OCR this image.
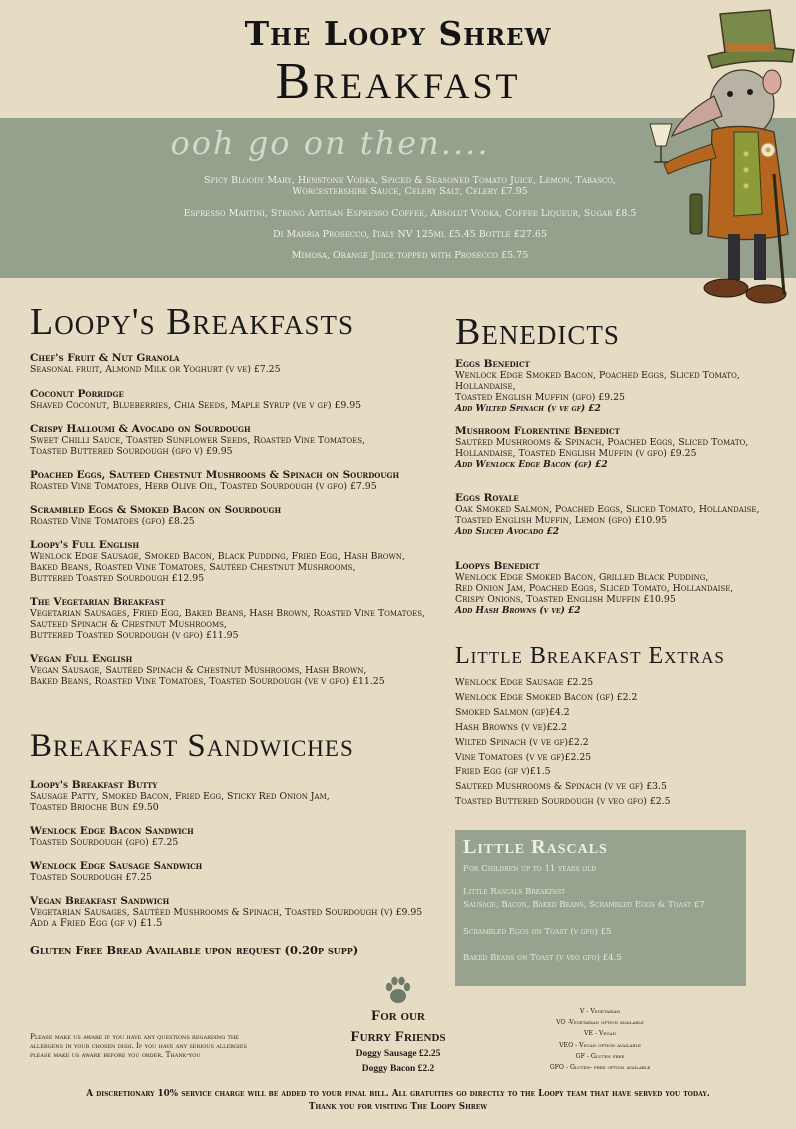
The Loopy Shrew
Breakfast
ooh go on then....
Spicy Bloody Mary, Henstone Vodka, Spiced & Seasoned Tomato Juice, Lemon, Tabasco,
Worcestershire Sauce, Celery Salt, Celery £7.95
Espresso Martini, Strong Artisan Espresso Coffee, Absolut Vodka, Coffee Liqueur, Sugar £8.5
Di Marria Prosecco, Italy NV 125ml £5.45 Bottle £27.65
Mimosa, Orange Juice topped with Prosecco £5.75
Loopy's Breakfasts
Chef's Fruit & Nut Granola
Seasonal fruit, Almond Milk or Yoghurt (v ve) £7.25
Coconut Porridge
Shaved Coconut, Blueberries, Chia Seeds, Maple Syrup (ve v gf) £9.95
Crispy Halloumi & Avocado on Sourdough
Sweet Chilli Sauce, Toasted Sunflower Seeds, Roasted Vine Tomatoes,
Toasted Buttered Sourdough (gfo v) £9.95
Poached Eggs, Sauteed Chestnut Mushrooms & Spinach on Sourdough
Roasted Vine Tomatoes, Herb Olive Oil, Toasted Sourdough (v gfo) £7.95
Scrambled Eggs & Smoked Bacon on Sourdough
Roasted Vine Tomatoes (gfo) £8.25
Loopy's Full English
Wenlock Edge Sausage, Smoked Bacon, Black Pudding, Fried Egg, Hash Brown,
Baked Beans, Roasted Vine Tomatoes, Sautéed Chestnut Mushrooms,
Buttered Toasted Sourdough £12.95
The Vegetarian Breakfast
Vegetarian Sausages, Fried Egg, Baked Beans, Hash Brown, Roasted Vine Tomatoes,
Sauteed Spinach & Chestnut Mushrooms,
Buttered Toasted Sourdough (v gfo) £11.95
Vegan Full English
Vegan Sausage, Sautéed Spinach & Chestnut Mushrooms, Hash Brown,
Baked Beans, Roasted Vine Tomatoes, Toasted Sourdough (ve v gfo) £11.25
Breakfast Sandwiches
Loopy's Breakfast Butty
Sausage Patty, Smoked Bacon, Fried Egg, Sticky Red Onion Jam,
Toasted Brioche Bun £9.50
Wenlock Edge Bacon Sandwich
Toasted Sourdough (gfo) £7.25
Wenlock Edge Sausage Sandwich
Toasted Sourdough £7.25
Vegan Breakfast Sandwich
Vegetarian Sausages, Sautéed Mushrooms & Spinach, Toasted Sourdough (v) £9.95
Add a Fried Egg (gf v) £1.5
Gluten Free Bread Available upon request (0.20p supp)
Benedicts
Eggs Benedict
Wenlock Edge Smoked Bacon, Poached Eggs, Sliced Tomato, Hollandaise,
Toasted English Muffin (gfo) £9.25
Add Wilted Spinach (v ve gf) £2
Mushroom Florentine Benedict
Sautéed Mushrooms & Spinach, Poached Eggs, Sliced Tomato,
Hollandaise, Toasted English Muffin (v gfo) £9.25
Add Wenlock Edge Bacon (gf) £2
Eggs Royale
Oak Smoked Salmon, Poached Eggs, Sliced Tomato, Hollandaise,
Toasted English Muffin, Lemon (gfo) £10.95
Add Sliced Avocado £2
Loopys Benedict
Wenlock Edge Smoked Bacon, Grilled Black Pudding,
Red Onion Jam, Poached Eggs, Sliced Tomato, Hollandaise,
Crispy Onions, Toasted English Muffin £10.95
Add Hash Browns (v ve) £2
Little Breakfast Extras
Wenlock Edge Sausage £2.25
Wenlock Edge Smoked Bacon (gf) £2.2
Smoked Salmon (gf)£4.2
Hash Browns (v ve)£2.2
Wilted Spinach (v ve gf)£2.2
Vine Tomatoes (v ve gf)£2.25
Fried Egg (gf v)£1.5
Sauteed Mushrooms & Spinach (v ve gf) £3.5
Toasted Buttered Sourdough (v veo gfo) £2.5
Little Rascals
For Children up to 11 years old
Little Rascals Breakfast
Sausage, Bacon, Baked Beans, Scrambled Eggs & Toast £7
Scrambled Eggs on Toast (v gfo) £5
Baked Beans on Toast (v veo gfo) £4.5
For our
Furry Friends
Doggy Sausage £2.25
Doggy Bacon £2.2
Please make us aware if you have any questions regarding the allergens in your chosen dish. If you have any serious allergies please make us aware before you order. Thank-you
V - Vegetarian
VO -Vegetarian option available
VE - Vegan
VEO - Vegan option available
GF - Gluten free
GFO - Gluten- free option available
A discretionary 10% service charge will be added to your final bill. All gratuities go directly to the Loopy team that have served you today.
Thank you for visiting The Loopy Shrew
